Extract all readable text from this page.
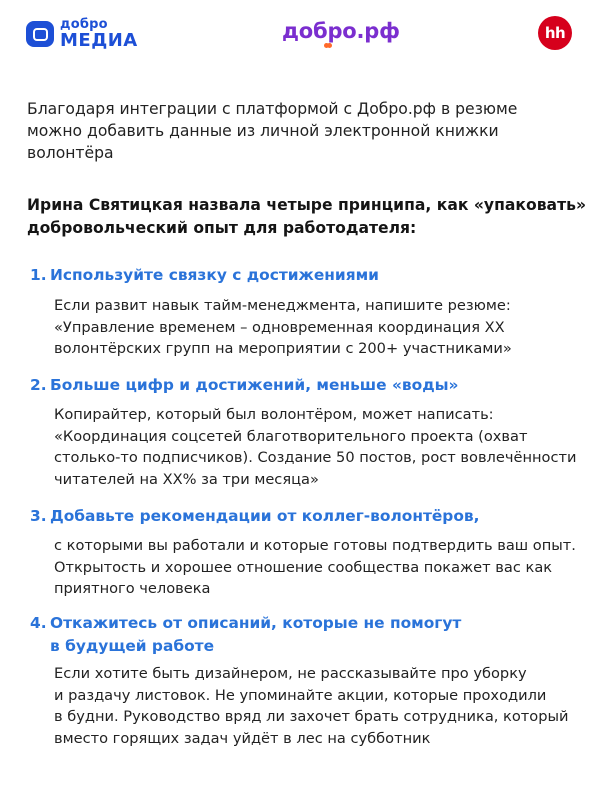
добро
МЕДИА	добро.рф	hh
Благодаря интеграции с платформой с Добро.рф в резюме
можно добавить данные из личной электронной книжки
волонтёра
Ирина Святицкая назвала четыре принципа, как «упаковать»
добровольческий опыт для работодателя:
1. Используйте связку с достижениями
Если развит навык тайм-менеджмента, напишите резюме:
«Управление временем – одновременная координация XX
волонтёрских групп на мероприятии с 200+ участниками»
2. Больше цифр и достижений, меньше «воды»
Копирайтер, который был волонтёром, может написать:
«Координация соцсетей благотворительного проекта (охват
столько-то подписчиков). Создание 50 постов, рост вовлечённости
читателей на XX% за три месяца»
3. Добавьте рекомендации от коллег-волонтёров,
с которыми вы работали и которые готовы подтвердить ваш опыт.
Открытость и хорошее отношение сообщества покажет вас как
приятного человека
4. Откажитесь от описаний, которые не помогут
в будущей работе
Если хотите быть дизайнером, не рассказывайте про уборку
и раздачу листовок. Не упоминайте акции, которые проходили
в будни. Руководство вряд ли захочет брать сотрудника, который
вместо горящих задач уйдёт в лес на субботник
